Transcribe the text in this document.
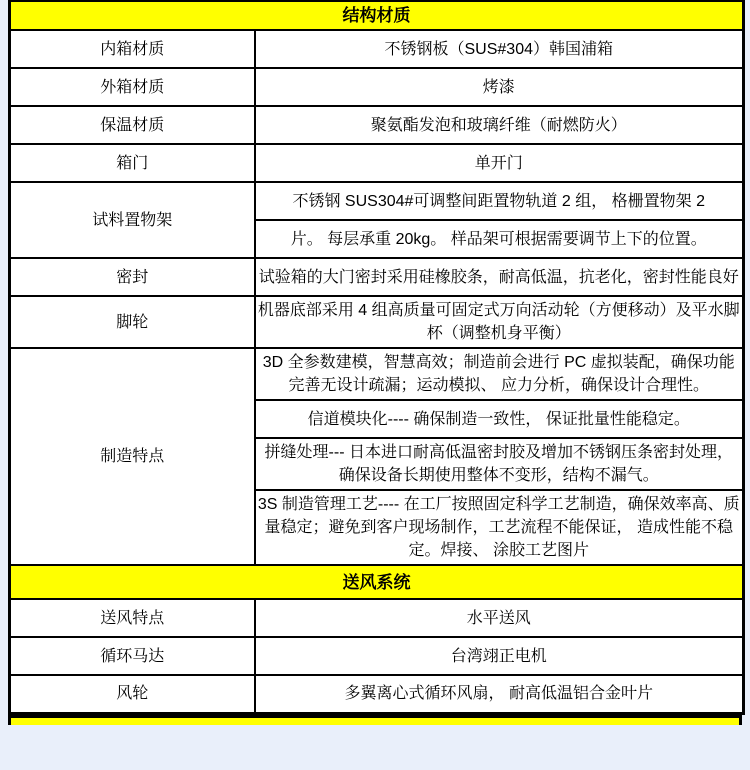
结构材质	
内箱材质	不锈钢板（SUS#304）韩国浦箱
外箱材质	烤漆
保温材质	聚氨酯发泡和玻璃纤维（耐燃防火）
箱门	单开门
试料置物架	不锈钢 SUS304#可调整间距置物轨道 2 组， 格栅置物架 2
	片。 每层承重 20kg。 样品架可根据需要调节上下的位置。
密封	试验箱的大门密封采用硅橡胶条，耐高低温，抗老化，密封性能良好
脚轮	机器底部采用 4 组高质量可固定式万向活动轮（方便移动）及平水脚杯（调整机身平衡）
制造特点	3D 全参数建模，智慧高效；制造前会进行 PC 虚拟装配，确保功能完善无设计疏漏；运动模拟、 应力分析，确保设计合理性。
	信道模块化---- 确保制造一致性， 保证批量性能稳定。
	拼缝处理--- 日本进口耐高低温密封胶及增加不锈钢压条密封处理，确保设备长期使用整体不变形，结构不漏气。
	3S 制造管理工艺---- 在工厂按照固定科学工艺制造，确保效率高、质量稳定；避免到客户现场制作，工艺流程不能保证， 造成性能不稳定。焊接、 涂胶工艺图片
送风系统	
送风特点	水平送风
循环马达	台湾翊正电机
风轮	多翼离心式循环风扇， 耐高低温铝合金叶片
